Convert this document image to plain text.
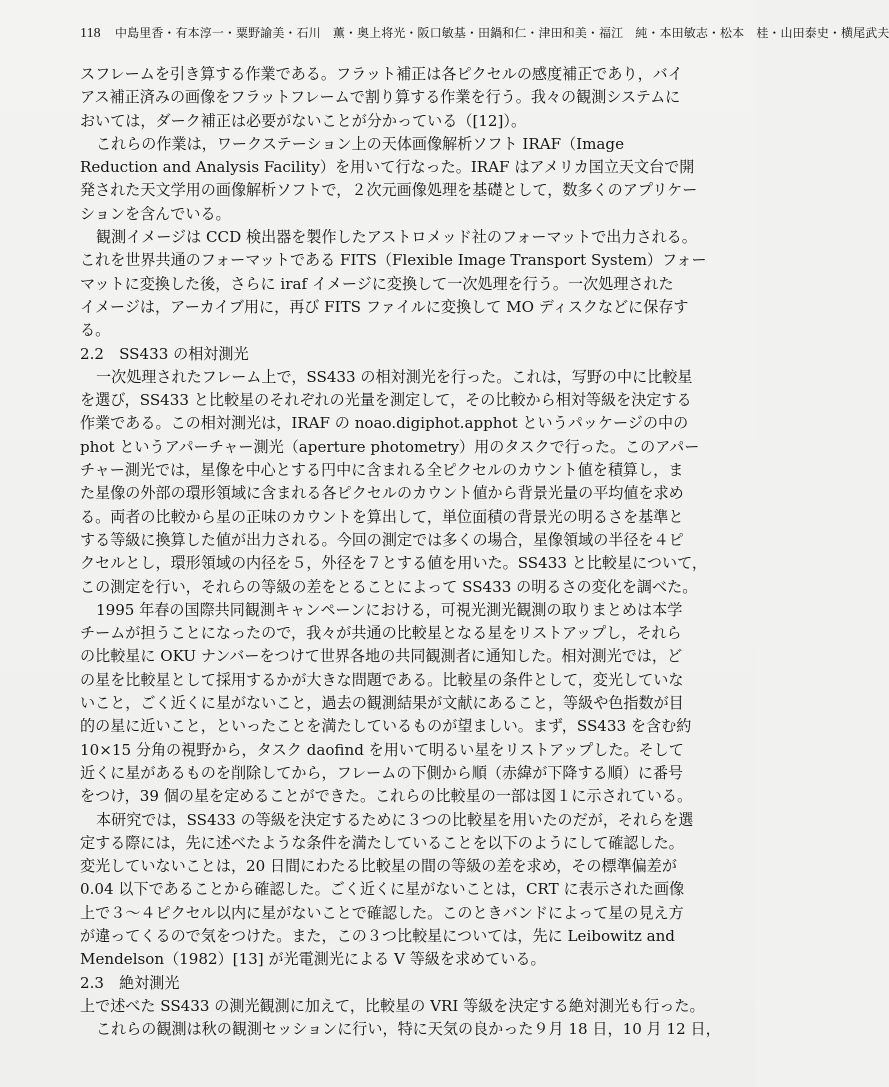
118 中島里香・有本淳一・粟野諭美・石川　薫・奥上将光・阪口敏基・田鍋和仁・津田和美・福江　純・本田敏志・松本　桂・山田泰史・横尾武夫
スフレームを引き算する作業である。フラット補正は各ピクセルの感度補正であり，バイ
アス補正済みの画像をフラットフレームで割り算する作業を行う。我々の観測システムに
おいては，ダーク補正は必要がないことが分かっている（[12]）。
これらの作業は，ワークステーション上の天体画像解析ソフト IRAF（Image
Reduction and Analysis Facility）を用いて行なった。IRAF はアメリカ国立天文台で開
発された天文学用の画像解析ソフトで，２次元画像処理を基礎として，数多くのアプリケー
ションを含んでいる。
観測イメージは CCD 検出器を製作したアストロメッド社のフォーマットで出力される。
これを世界共通のフォーマットである FITS（Flexible Image Transport System）フォー
マットに変換した後，さらに iraf イメージに変換して一次処理を行う。一次処理された
イメージは，アーカイブ用に，再び FITS ファイルに変換して MO ディスクなどに保存す
る。
2.2　SS433 の相対測光
一次処理されたフレーム上で，SS433 の相対測光を行った。これは，写野の中に比較星
を選び，SS433 と比較星のそれぞれの光量を測定して，その比較から相対等級を決定する
作業である。この相対測光は，IRAF の noao.digiphot.apphot というパッケージの中の
phot というアパーチャー測光（aperture photometry）用のタスクで行った。このアパー
チャー測光では，星像を中心とする円中に含まれる全ピクセルのカウント値を積算し，ま
た星像の外部の環形領域に含まれる各ピクセルのカウント値から背景光量の平均値を求め
る。両者の比較から星の正味のカウントを算出して，単位面積の背景光の明るさを基準と
する等級に換算した値が出力される。今回の測定では多くの場合，星像領域の半径を４ピ
クセルとし，環形領域の内径を５，外径を７とする値を用いた。SS433 と比較星について，
この測定を行い，それらの等級の差をとることによって SS433 の明るさの変化を調べた。
1995 年春の国際共同観測キャンペーンにおける，可視光測光観測の取りまとめは本学
チームが担うことになったので，我々が共通の比較星となる星をリストアップし，それら
の比較星に OKU ナンバーをつけて世界各地の共同観測者に通知した。相対測光では，ど
の星を比較星として採用するかが大きな問題である。比較星の条件として，変光していな
いこと，ごく近くに星がないこと，過去の観測結果が文献にあること，等級や色指数が目
的の星に近いこと，といったことを満たしているものが望ましい。まず，SS433 を含む約
10×15 分角の視野から，タスク daofind を用いて明るい星をリストアップした。そして
近くに星があるものを削除してから，フレームの下側から順（赤緯が下降する順）に番号
をつけ，39 個の星を定めることができた。これらの比較星の一部は図１に示されている。
本研究では，SS433 の等級を決定するために３つの比較星を用いたのだが，それらを選
定する際には，先に述べたような条件を満たしていることを以下のようにして確認した。
変光していないことは，20 日間にわたる比較星の間の等級の差を求め，その標準偏差が
0.04 以下であることから確認した。ごく近くに星がないことは，CRT に表示された画像
上で３～４ピクセル以内に星がないことで確認した。このときバンドによって星の見え方
が違ってくるので気をつけた。また，この３つ比較星については，先に Leibowitz and
Mendelson（1982）[13] が光電測光による V 等級を求めている。
2.3　絶対測光
上で述べた SS433 の測光観測に加えて，比較星の VRI 等級を決定する絶対測光も行った。
これらの観測は秋の観測セッションに行い，特に天気の良かった９月 18 日，10 月 12 日，
